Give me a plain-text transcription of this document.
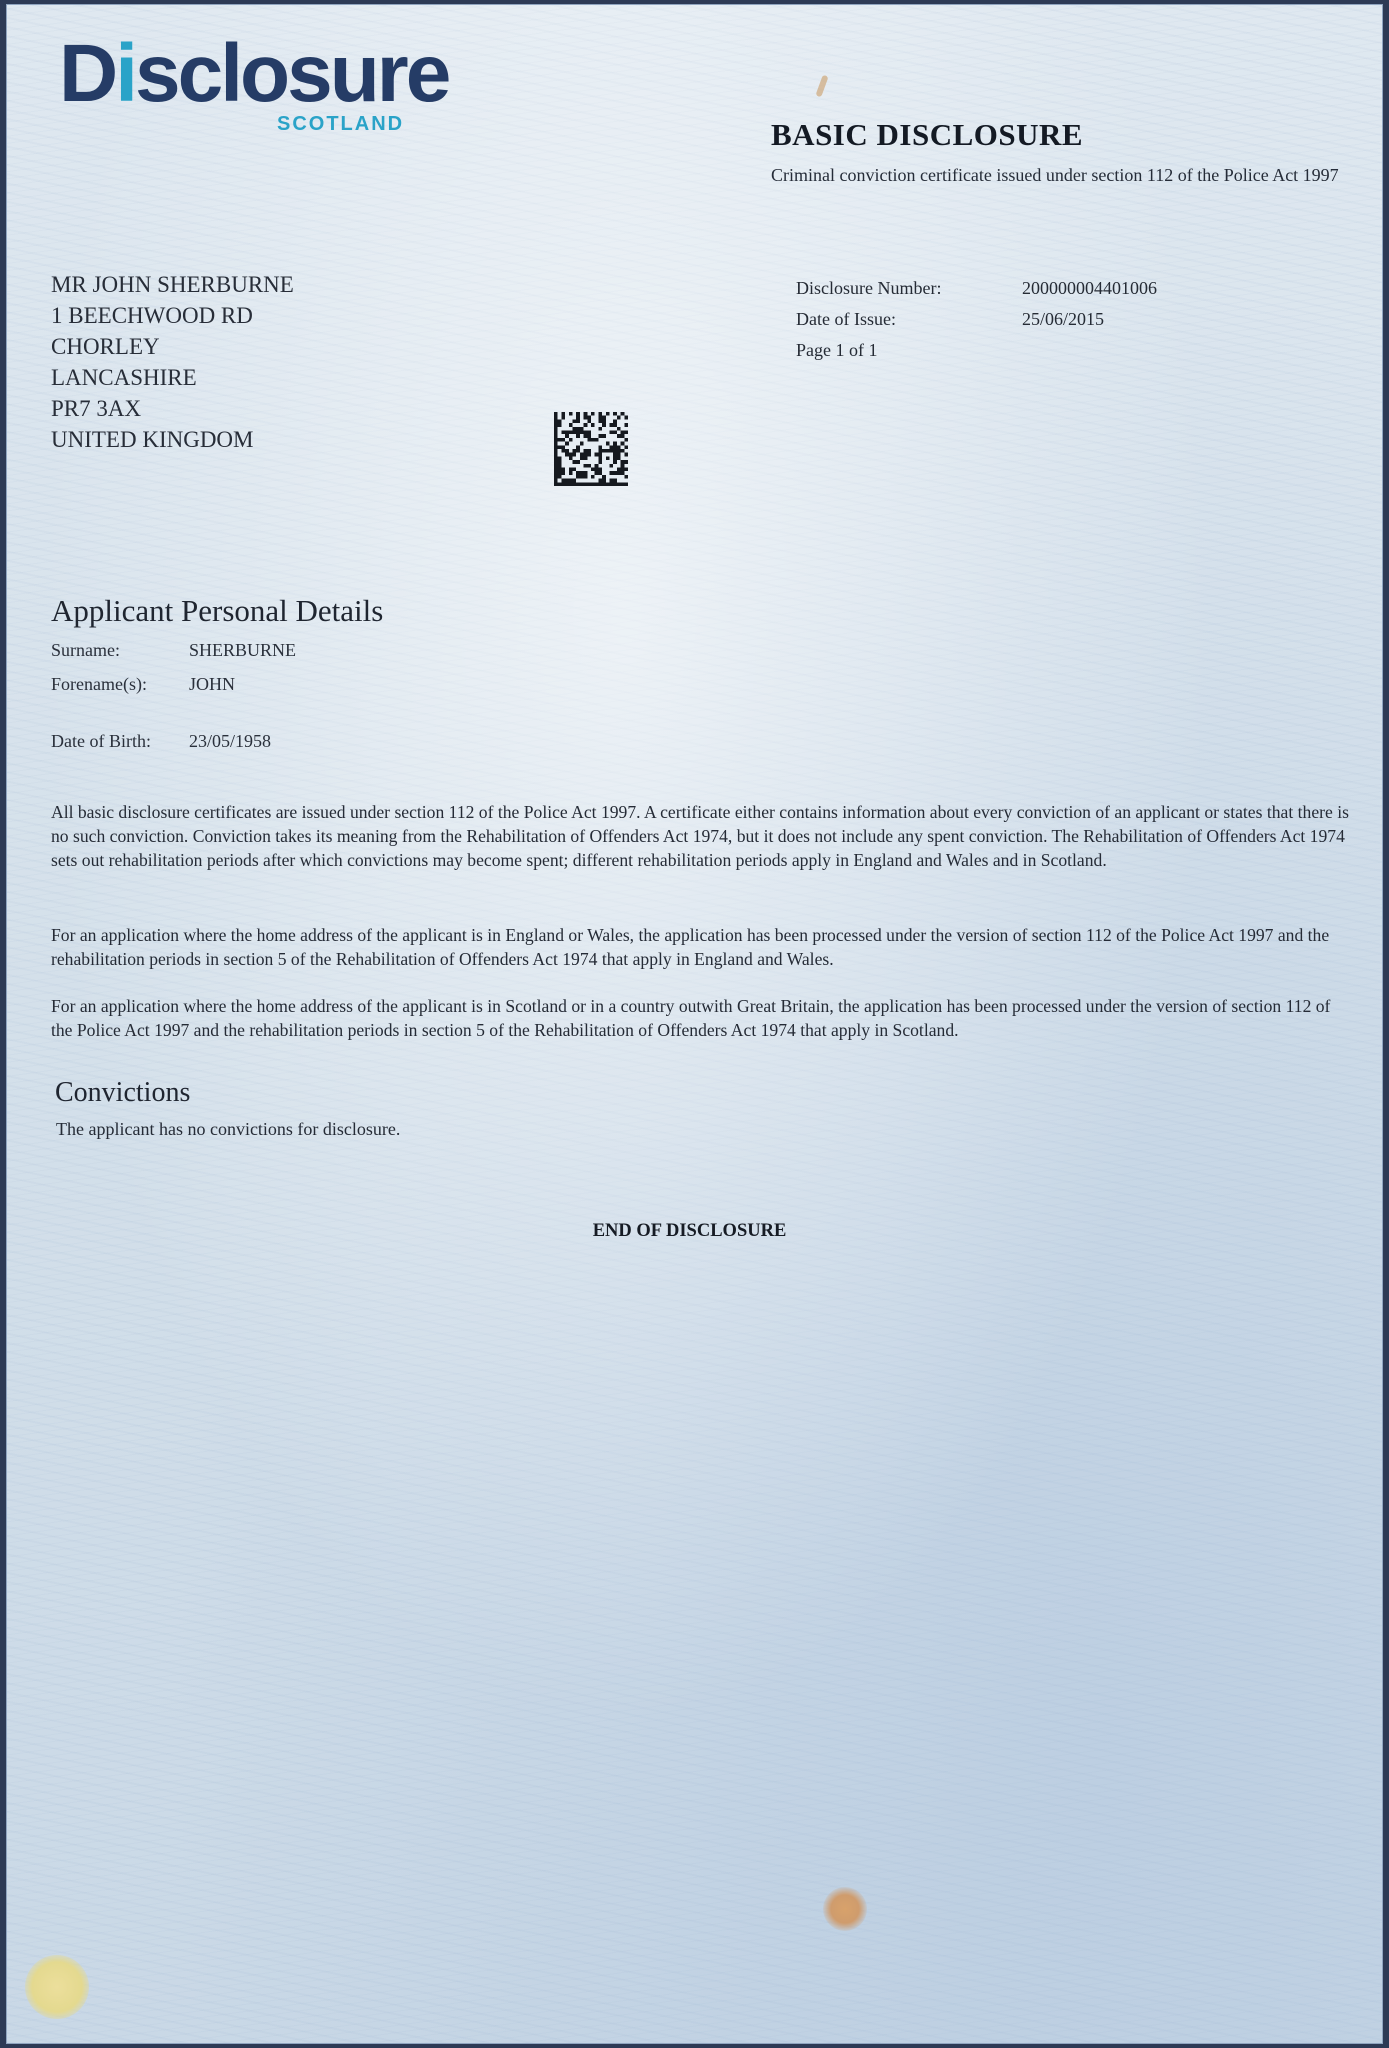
Disclosure
SCOTLAND	BASIC DISCLOSURE
Criminal conviction certificate issued under section 112 of the Police Act 1997
MR JOHN SHERBURNE
1 BEECHWOOD RD
CHORLEY
LANCASHIRE
PR7 3AX
UNITED KINGDOM
Disclosure Number:	200000004401006
Date of Issue:	25/06/2015
Page 1 of 1
Applicant Personal Details
Surname:	SHERBURNE
Forename(s): JOHN
Date of Birth: 23/05/1958
All basic disclosure certificates are issued under section 112 of the Police Act 1997. A certificate either contains information about every conviction of an applicant or states that there is no such conviction. Conviction takes its meaning from the Rehabilitation of Offenders Act 1974, but it does not include any spent conviction. The Rehabilitation of Offenders Act 1974 sets out rehabilitation periods after which convictions may become spent; different rehabilitation periods apply in England and Wales and in Scotland.
For an application where the home address of the applicant is in England or Wales, the application has been processed under the version of section 112 of the Police Act 1997 and the rehabilitation periods in section 5 of the Rehabilitation of Offenders Act 1974 that apply in England and Wales.
For an application where the home address of the applicant is in Scotland or in a country outwith Great Britain, the application has been processed under the version of section 112 of the Police Act 1997 and the rehabilitation periods in section 5 of the Rehabilitation of Offenders Act 1974 that apply in Scotland.
Convictions
The applicant has no convictions for disclosure.
END OF DISCLOSURE
